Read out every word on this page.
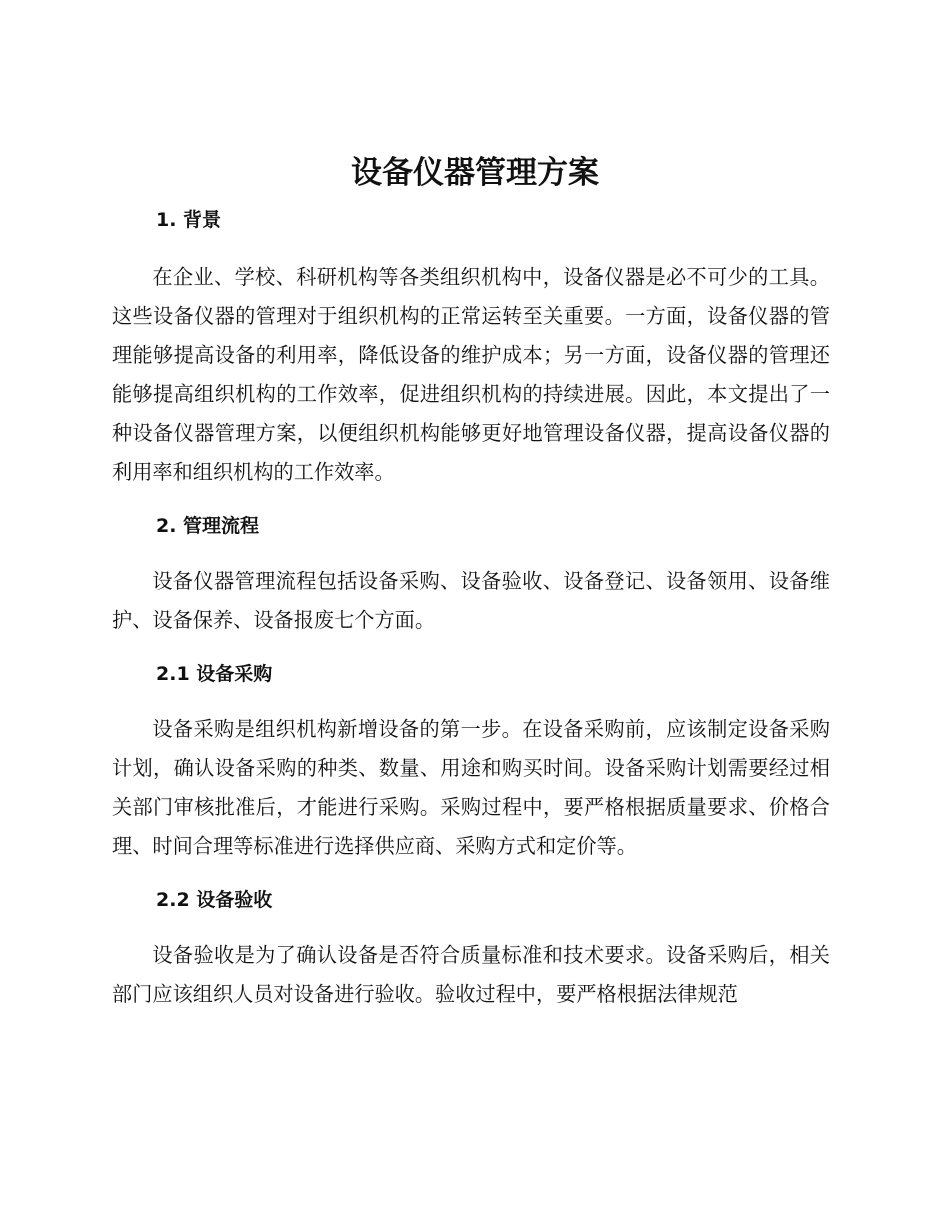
设备仪器管理方案
1. 背景

在企业、学校、科研机构等各类组织机构中，设备仪器是必不可少的工具。这些设备仪器的管理对于组织机构的正常运转至关重要。一方面，设备仪器的管理能够提高设备的利用率，降低设备的维护成本；另一方面，设备仪器的管理还能够提高组织机构的工作效率，促进组织机构的持续进展。因此，本文提出了一种设备仪器管理方案，以便组织机构能够更好地管理设备仪器，提高设备仪器的利用率和组织机构的工作效率。

2. 管理流程

设备仪器管理流程包括设备采购、设备验收、设备登记、设备领用、设备维护、设备保养、设备报废七个方面。

2.1 设备采购

设备采购是组织机构新增设备的第一步。在设备采购前，应该制定设备采购计划，确认设备采购的种类、数量、用途和购买时间。设备采购计划需要经过相关部门审核批准后，才能进行采购。采购过程中，要严格根据质量要求、价格合理、时间合理等标准进行选择供应商、采购方式和定价等。

2.2 设备验收

设备验收是为了确认设备是否符合质量标准和技术要求。设备采购后，相关部门应该组织人员对设备进行验收。验收过程中，要严格根据法律规范
